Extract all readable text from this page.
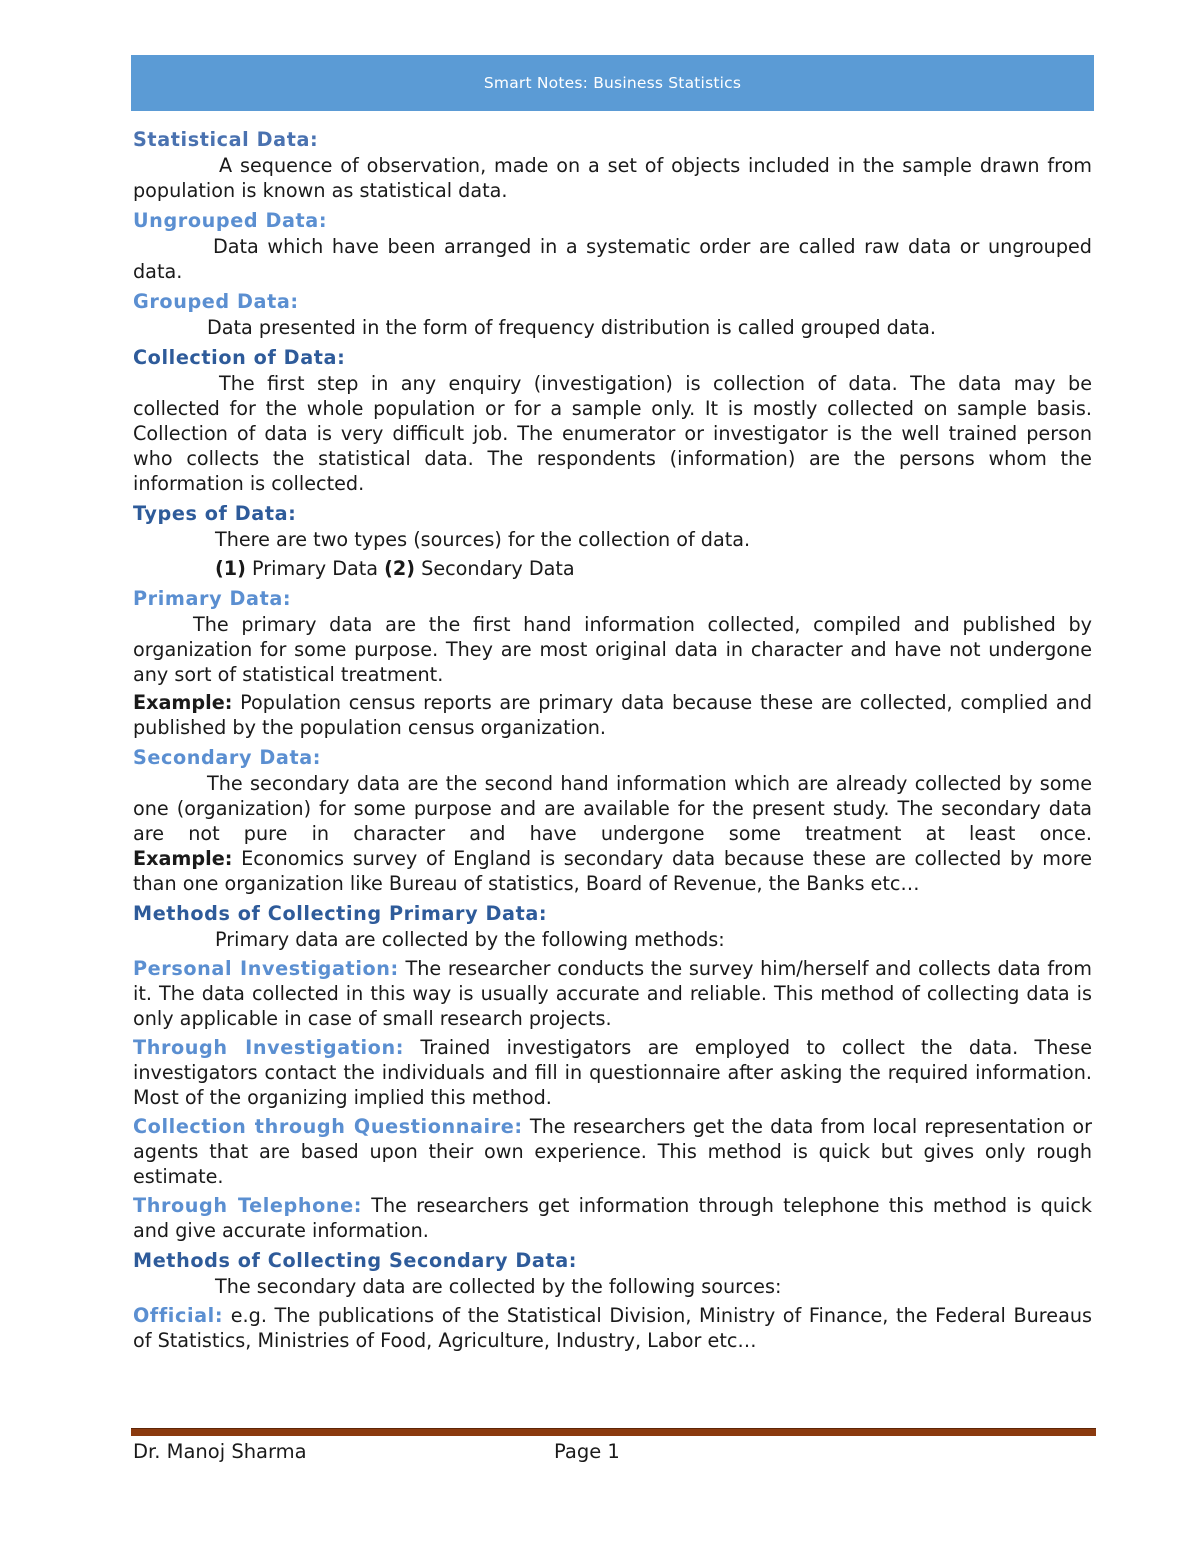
Smart Notes: Business Statistics
Statistical Data:

A sequence of observation, made on a set of objects included in the sample drawn from population is known as statistical data.

Ungrouped Data:

Data which have been arranged in a systematic order are called raw data or ungrouped data.

Grouped Data:

Data presented in the form of frequency distribution is called grouped data.

Collection of Data:

The first step in any enquiry (investigation) is collection of data. The data may be collected for the whole population or for a sample only. It is mostly collected on sample basis. Collection of data is very difficult job. The enumerator or investigator is the well trained person who collects the statistical data. The respondents (information) are the persons whom the information is collected.

Types of Data:
There are two types (sources) for the collection of data.
(1) Primary Data (2) Secondary Data
Primary Data:

The primary data are the first hand information collected, compiled and published by organization for some purpose. They are most original data in character and have not undergone any sort of statistical treatment.

Example: Population census reports are primary data because these are collected, complied and published by the population census organization.

Secondary Data:

The secondary data are the second hand information which are already collected by some one (organization) for some purpose and are available for the present study. The secondary data are not pure in character and have undergone some treatment at least once.

Example: Economics survey of England is secondary data because these are collected by more than one organization like Bureau of statistics, Board of Revenue, the Banks etc…

Methods of Collecting Primary Data:
Primary data are collected by the following methods:

Personal Investigation: The researcher conducts the survey him/herself and collects data from it. The data collected in this way is usually accurate and reliable. This method of collecting data is only applicable in case of small research projects.

Through Investigation: Trained investigators are employed to collect the data. These investigators contact the individuals and fill in questionnaire after asking the required information. Most of the organizing implied this method.

Collection through Questionnaire: The researchers get the data from local representation or agents that are based upon their own experience. This method is quick but gives only rough estimate.

Through Telephone: The researchers get information through telephone this method is quick and give accurate information.

Methods of Collecting Secondary Data:
The secondary data are collected by the following sources:

Official: e.g. The publications of the Statistical Division, Ministry of Finance, the Federal Bureaus of Statistics, Ministries of Food, Agriculture, Industry, Labor etc…

Dr. Manoj Sharma	Page 1
